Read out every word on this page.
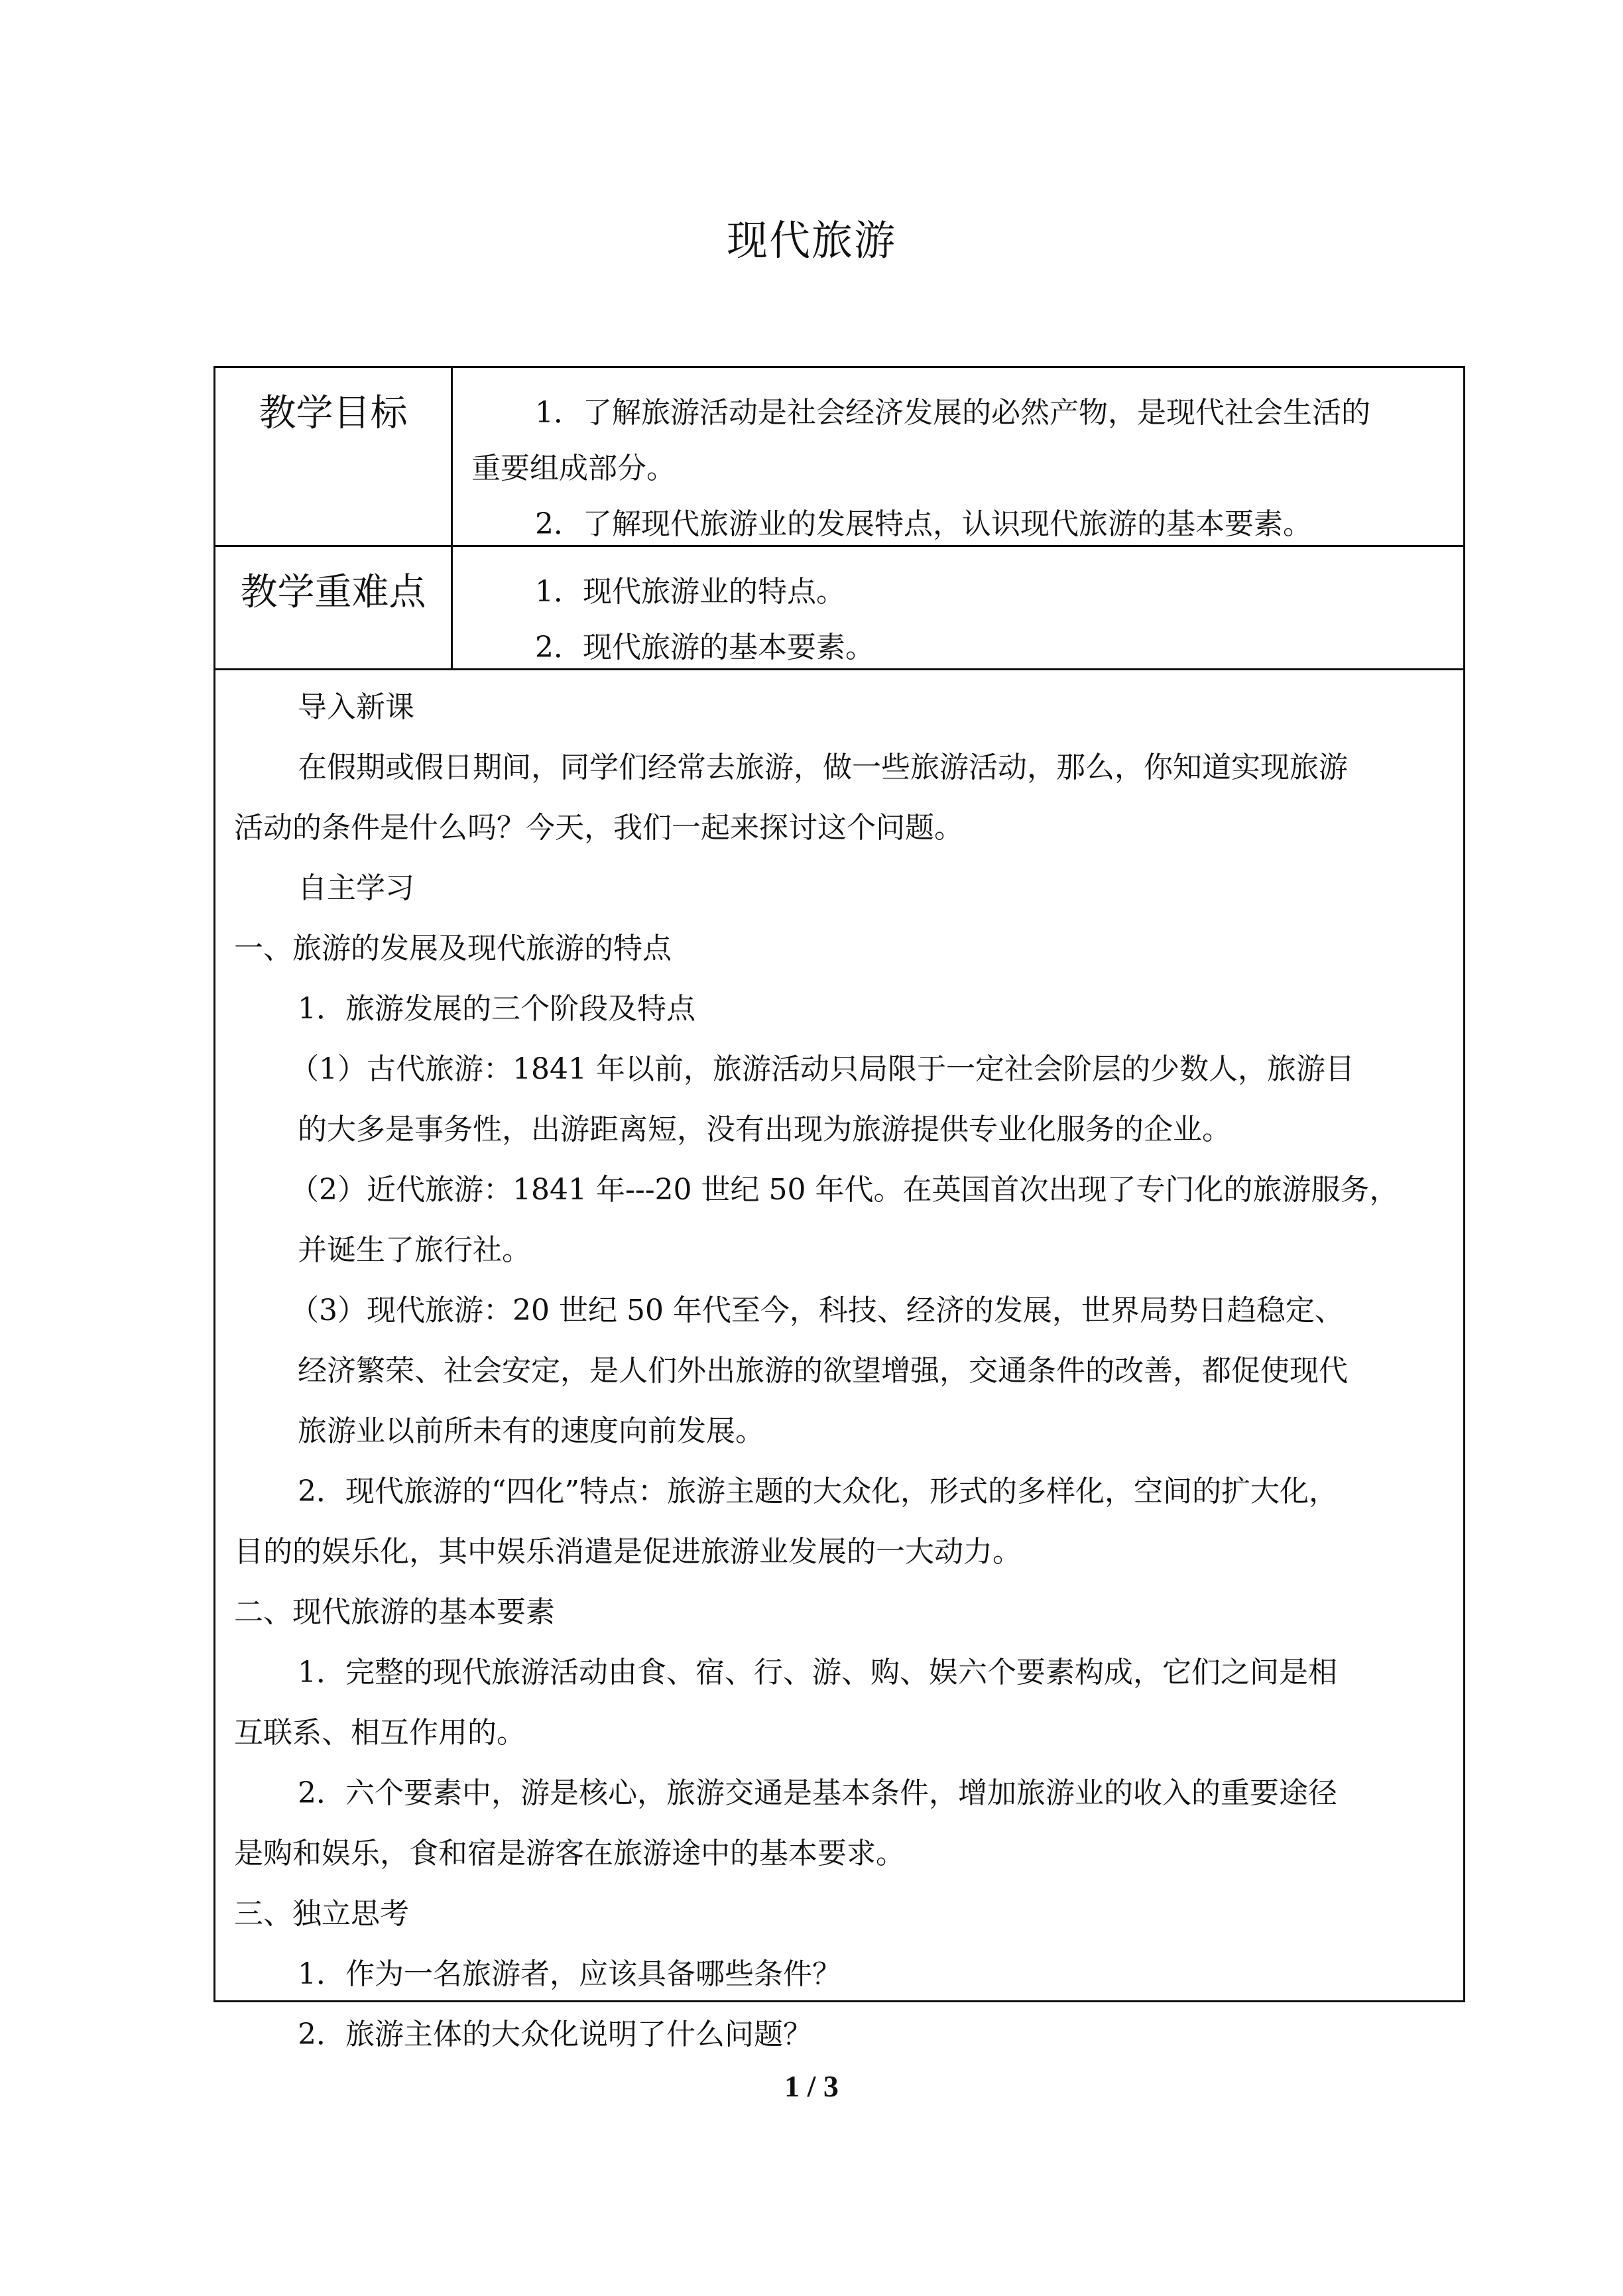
现代旅游
教学目标	1．了解旅游活动是社会经济发展的必然产物，是现代社会生活的
重要组成部分。
2．了解现代旅游业的发展特点，认识现代旅游的基本要素。
教学重难点	1．现代旅游业的特点。
2．现代旅游的基本要素。
导入新课
在假期或假日期间，同学们经常去旅游，做一些旅游活动，那么，你知道实现旅游
活动的条件是什么吗？今天，我们一起来探讨这个问题。
自主学习
一、旅游的发展及现代旅游的特点
1．旅游发展的三个阶段及特点
（1）古代旅游：1841 年以前，旅游活动只局限于一定社会阶层的少数人，旅游目
的大多是事务性，出游距离短，没有出现为旅游提供专业化服务的企业。
（2）近代旅游：1841 年---20 世纪 50 年代。在英国首次出现了专门化的旅游服务，
并诞生了旅行社。
（3）现代旅游：20 世纪 50 年代至今，科技、经济的发展，世界局势日趋稳定、
经济繁荣、社会安定，是人们外出旅游的欲望增强，交通条件的改善，都促使现代
旅游业以前所未有的速度向前发展。
2．现代旅游的“四化”特点：旅游主题的大众化，形式的多样化，空间的扩大化，
目的的娱乐化，其中娱乐消遣是促进旅游业发展的一大动力。
二、现代旅游的基本要素
1．完整的现代旅游活动由食、宿、行、游、购、娱六个要素构成，它们之间是相
互联系、相互作用的。
2．六个要素中，游是核心，旅游交通是基本条件，增加旅游业的收入的重要途径
是购和娱乐，食和宿是游客在旅游途中的基本要求。
三、独立思考
1．作为一名旅游者，应该具备哪些条件？
2．旅游主体的大众化说明了什么问题？
1 / 3
